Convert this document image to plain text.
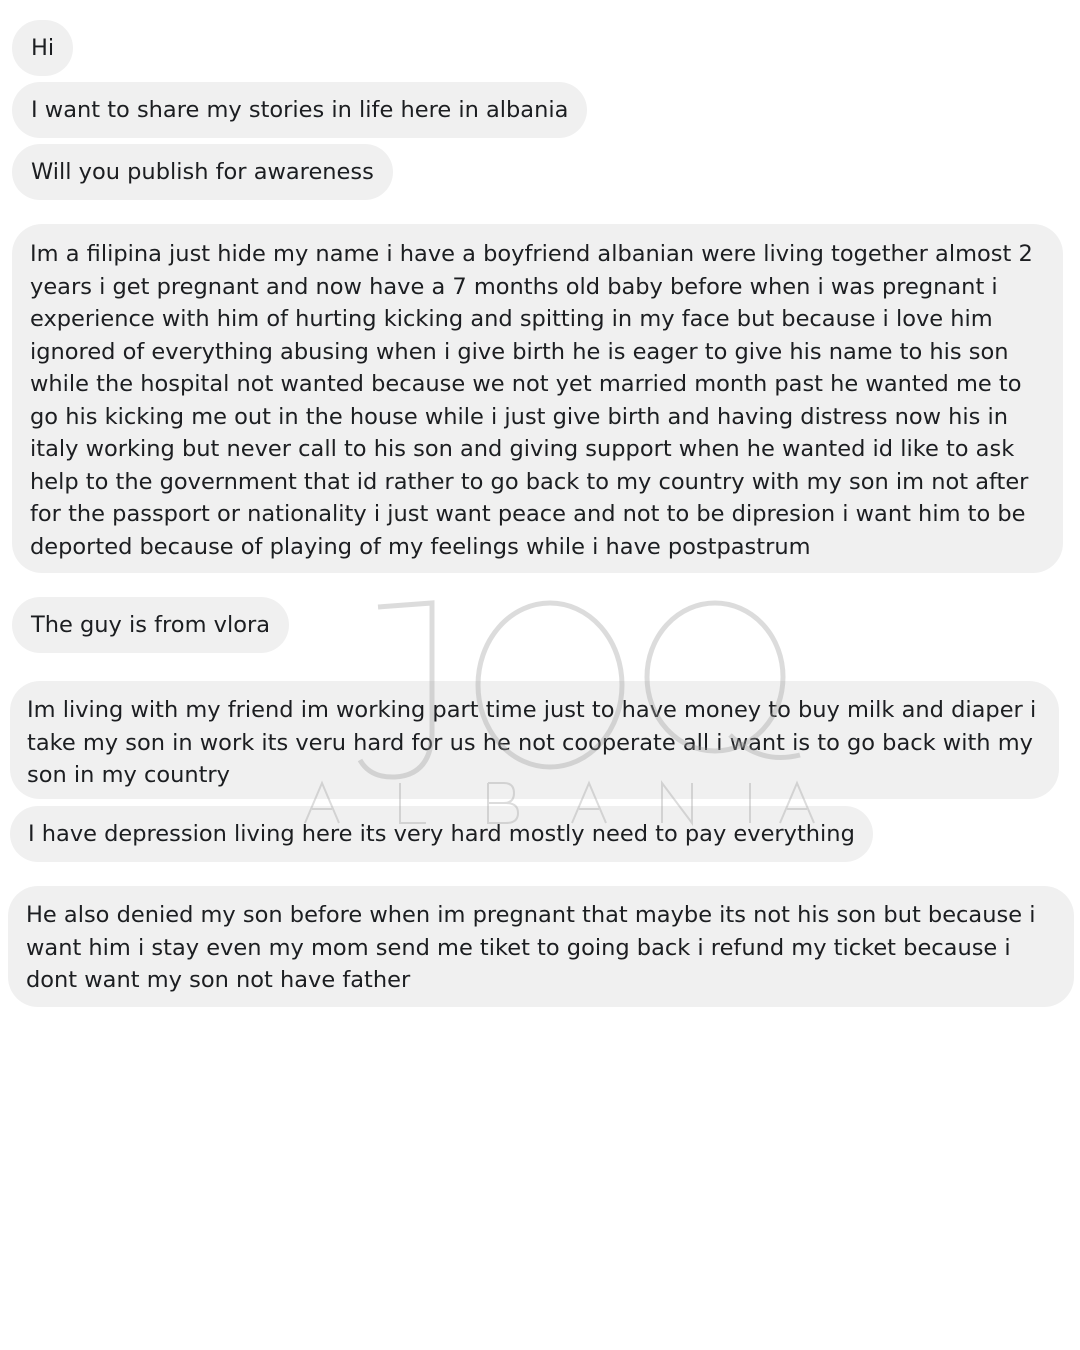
Hi
I want to share my stories in life here in albania
Will you publish for awareness
Im a filipina just hide my name i have a boyfriend albanian were living together almost 2 years i get pregnant and now have a 7 months old baby before when i was pregnant i experience with him of hurting kicking and spitting in my face but because i love him ignored of everything abusing when i give birth he is eager to give his name to his son while the hospital not wanted because we not yet married month past he wanted me to go his kicking me out in the house while i just give birth and having distress now his in italy working but never call to his son and giving support when he wanted id like to ask help to the government that id rather to go back to my country with my son im not after for the passport or nationality i just want peace and not to be dipresion i want him to be deported because of playing of my feelings while i have postpastrum
The guy is from vlora
Im living with my friend im working part time just to have money to buy milk and diaper i take my son in work its veru hard for us he not cooperate all i want is to go back with my son in my country
I have depression living here its very hard mostly need to pay everything
He also denied my son before when im pregnant that maybe its not his son but because i want him i stay even my mom send me tiket to going back i refund my ticket because i dont want my son not have father
